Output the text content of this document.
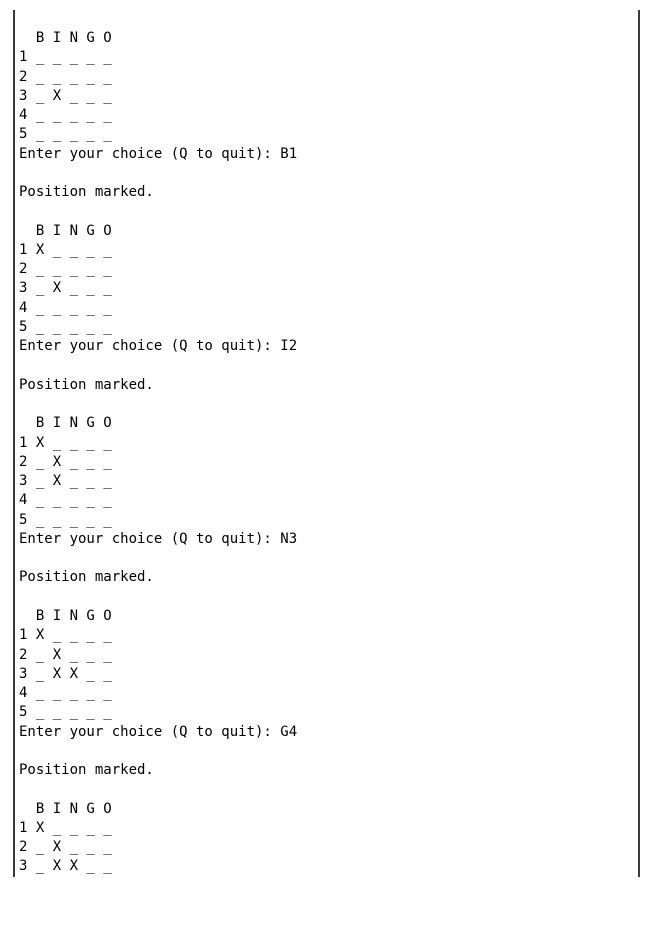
B I N G O
1 _ _ _ _ _
2 _ _ _ _ _
3 _ X _ _ _
4 _ _ _ _ _
5 _ _ _ _ _
Enter your choice (Q to quit): B1

Position marked.

B I N G O
1 X _ _ _ _
2 _ _ _ _ _
3 _ X _ _ _
4 _ _ _ _ _
5 _ _ _ _ _
Enter your choice (Q to quit): I2

Position marked.

B I N G O
1 X _ _ _ _
2 _ X _ _ _
3 _ X _ _ _
4 _ _ _ _ _
5 _ _ _ _ _
Enter your choice (Q to quit): N3

Position marked.

B I N G O
1 X _ _ _ _
2 _ X _ _ _
3 _ X X _ _
4 _ _ _ _ _
5 _ _ _ _ _
Enter your choice (Q to quit): G4

Position marked.

B I N G O
1 X _ _ _ _
2 _ X _ _ _
3 _ X X _ _
